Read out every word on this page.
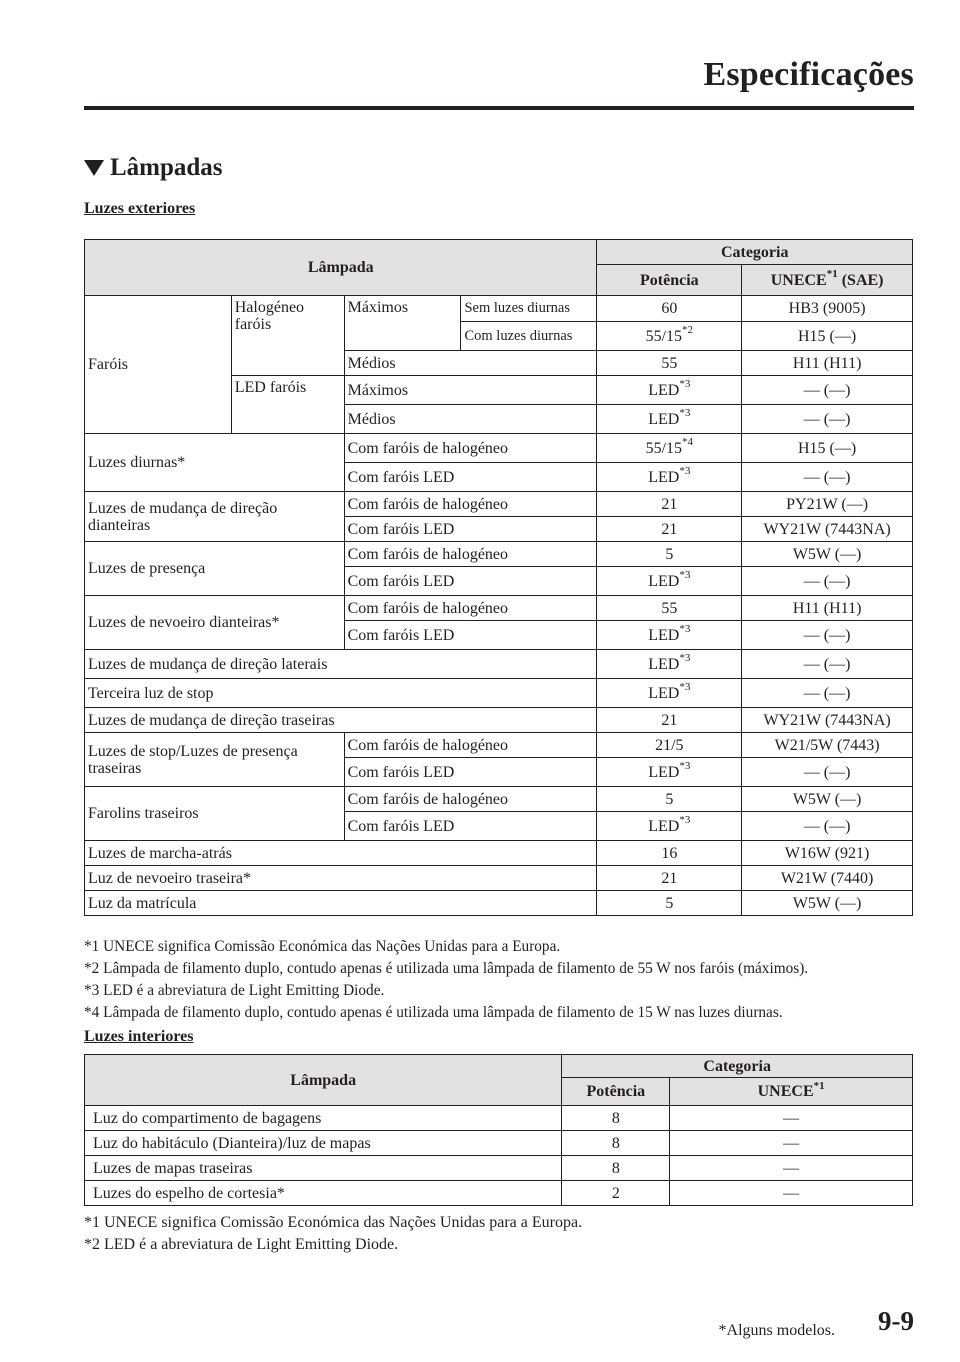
Especificações
Lâmpadas
Luzes exteriores
Lâmpada				Categoria	
				Potência	UNECE$^{*1}$ (SAE)
Faróis	Halogéneo faróis	Máximos	Sem luzes diurnas	60	HB3 (9005)
			Com luzes diurnas	55/15$^{*2}$	H15 (—)
		Médios		55	H11 (H11)
	LED faróis	Máximos		LED$^{*3}$	— (—)
		Médios		LED$^{*3}$	— (—)
Luzes diurnas*		Com faróis de halogéneo		55/15$^{*4}$	H15 (—)
		Com faróis LED		LED$^{*3}$	— (—)
Luzes de mudança de direção dianteiras		Com faróis de halogéneo		21	PY21W (—)
		Com faróis LED		21	WY21W (7443NA)
Luzes de presença		Com faróis de halogéneo		5	W5W (—)
		Com faróis LED		LED$^{*3}$	— (—)
Luzes de nevoeiro dianteiras*		Com faróis de halogéneo		55	H11 (H11)
		Com faróis LED		LED$^{*3}$	— (—)
Luzes de mudança de direção laterais				LED$^{*3}$	— (—)
Terceira luz de stop				LED$^{*3}$	— (—)
Luzes de mudança de direção traseiras				21	WY21W (7443NA)
Luzes de stop/Luzes de presença traseiras		Com faróis de halogéneo		21/5	W21/5W (7443)
		Com faróis LED		LED$^{*3}$	— (—)
Farolins traseiros		Com faróis de halogéneo		5	W5W (—)
		Com faróis LED		LED$^{*3}$	— (—)
Luzes de marcha-atrás				16	W16W (921)
Luz de nevoeiro traseira*				21	W21W (7440)
Luz da matrícula				5	W5W (—)
*1 UNECE significa Comissão Económica das Nações Unidas para a Europa.
*2 Lâmpada de filamento duplo, contudo apenas é utilizada uma lâmpada de filamento de 55 W nos faróis (máximos).
*3 LED é a abreviatura de Light Emitting Diode.
*4 Lâmpada de filamento duplo, contudo apenas é utilizada uma lâmpada de filamento de 15 W nas luzes diurnas.
Luzes interiores
Lâmpada	Categoria	
	Potência	UNECE$^{*1}$
Luz do compartimento de bagagens	8	—
Luz do habitáculo (Dianteira)/luz de mapas	8	—
Luzes de mapas traseiras	8	—
Luzes do espelho de cortesia*	2	—
*1 UNECE significa Comissão Económica das Nações Unidas para a Europa.
*2 LED é a abreviatura de Light Emitting Diode.
*Alguns modelos. 9-9
